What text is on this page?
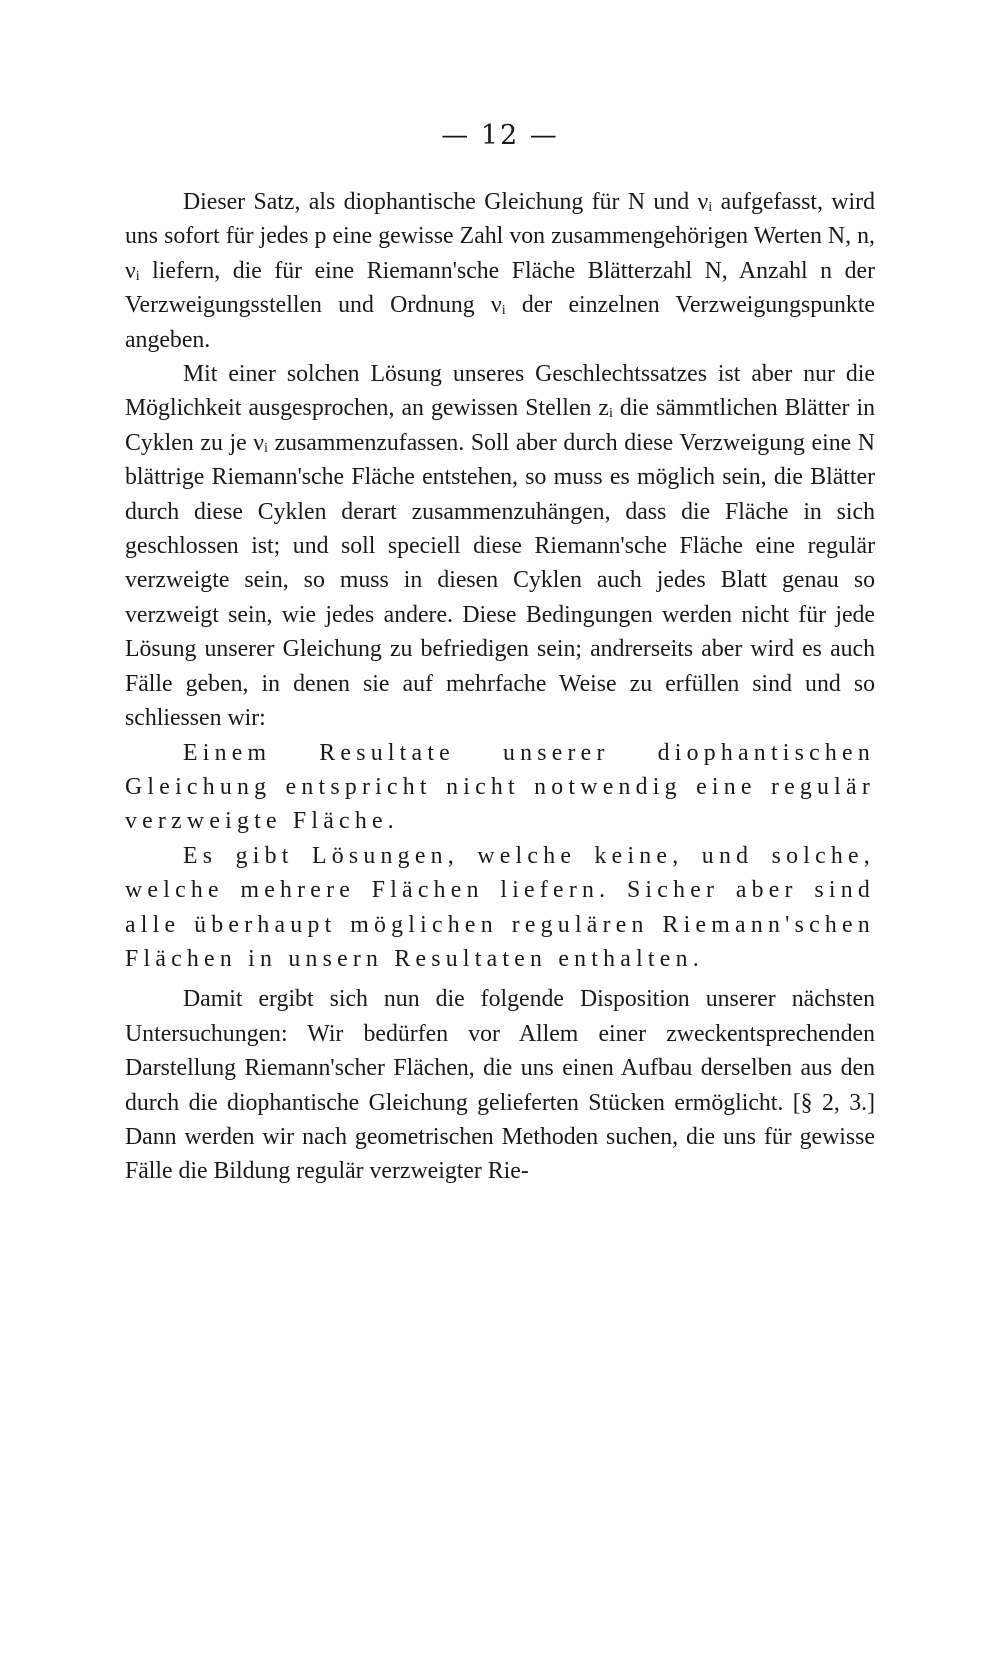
— 12 —

Dieser Satz, als diophantische Gleichung für N und νᵢ aufgefasst, wird uns sofort für jedes p eine gewisse Zahl von zusammengehörigen Werten N, n, νᵢ liefern, die für eine Riemann'sche Fläche Blätterzahl N, Anzahl n der Verzweigungsstellen und Ordnung νᵢ der einzelnen Verzweigungspunkte angeben.

Mit einer solchen Lösung unseres Geschlechtssatzes ist aber nur die Möglichkeit ausgesprochen, an gewissen Stellen zᵢ die sämmtlichen Blätter in Cyklen zu je νᵢ zusammenzufassen. Soll aber durch diese Verzweigung eine N blättrige Riemann'sche Fläche entstehen, so muss es möglich sein, die Blätter durch diese Cyklen derart zusammenzuhängen, dass die Fläche in sich geschlossen ist; und soll speciell diese Riemann'sche Fläche eine regulär verzweigte sein, so muss in diesen Cyklen auch jedes Blatt genau so verzweigt sein, wie jedes andere. Diese Bedingungen werden nicht für jede Lösung unserer Gleichung zu befriedigen sein; andrerseits aber wird es auch Fälle geben, in denen sie auf mehrfache Weise zu erfüllen sind und so schliessen wir:

Einem Resultate unserer diophantischen Gleichung entspricht nicht notwendig eine regulär verzweigte Fläche.

Es gibt Lösungen, welche keine, und solche, welche mehrere Flächen liefern. Sicher aber sind alle überhaupt möglichen regulären Riemann'schen Flächen in unsern Resultaten enthalten.

Damit ergibt sich nun die folgende Disposition unserer nächsten Untersuchungen: Wir bedürfen vor Allem einer zweckentsprechenden Darstellung Riemann'scher Flächen, die uns einen Aufbau derselben aus den durch die diophantische Gleichung gelieferten Stücken ermöglicht. [§ 2, 3.] Dann werden wir nach geometrischen Methoden suchen, die uns für gewisse Fälle die Bildung regulär verzweigter Rie-
